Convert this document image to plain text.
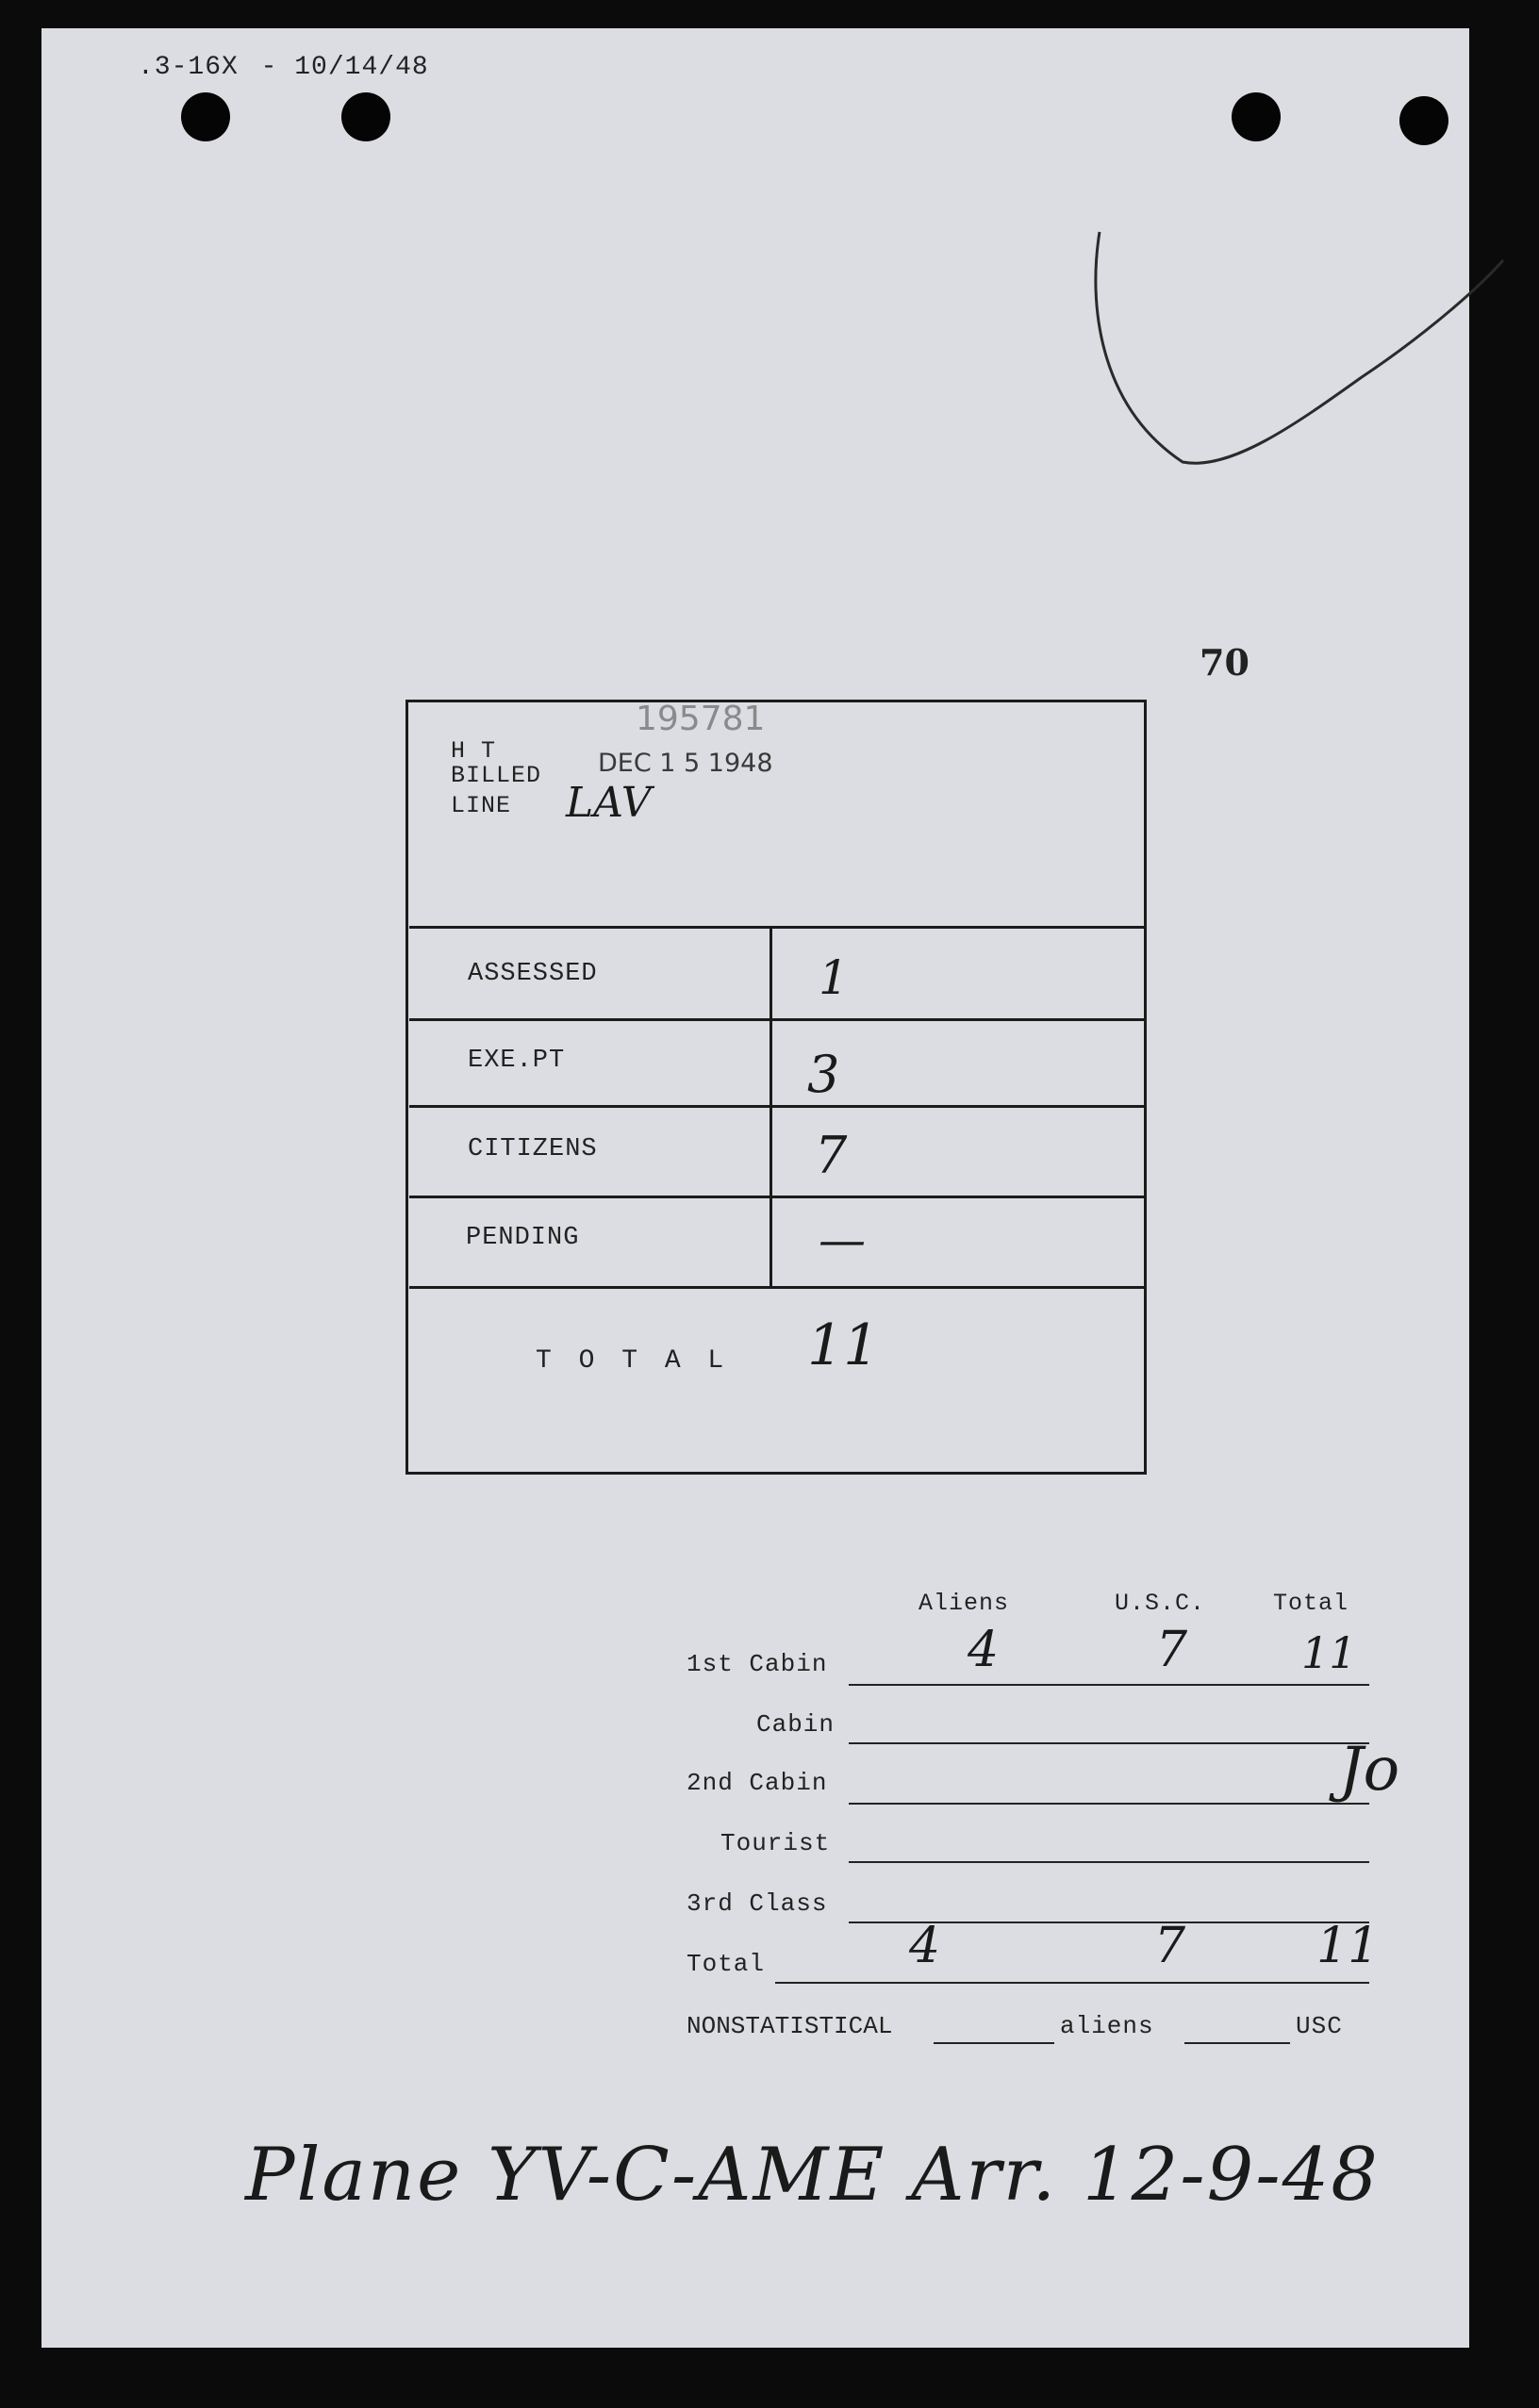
.3-16X - 10/14/48
70
H T
BILLED
LINE
195781
DEC 1 5 1948
LAV
ASSESSED	1
EXE.PT	3
CITIZENS	7
PENDING	—
T O T A L 11
Aliens	U.S.C.	Total
1st Cabin	4	7	11
Cabin
2nd Cabin
Tourist
3rd Class
Total	4	7	11
NONSTATISTICAL	aliens	USC
Jo
Plane YV-C-AME Arr. 12-9-48
